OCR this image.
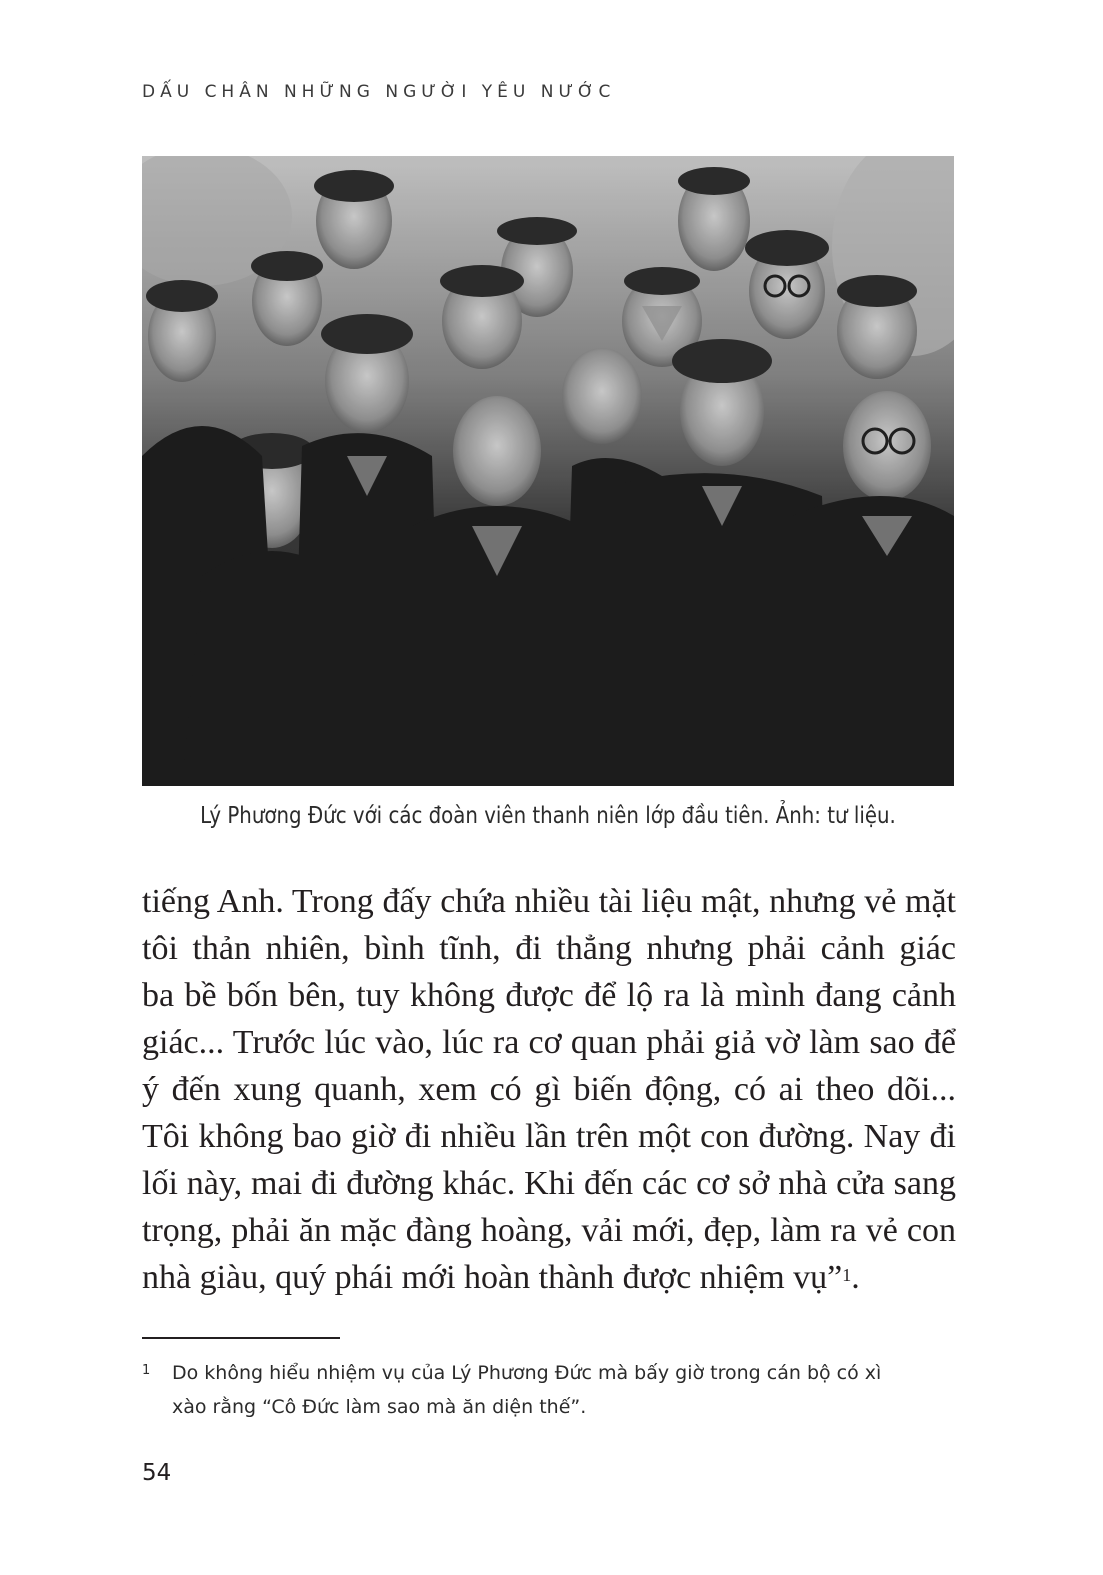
DẤU CHÂN NHỮNG NGƯỜI YÊU NƯỚC
Lý Phương Đức với các đoàn viên thanh niên lớp đầu tiên. Ảnh: tư liệu.
tiếng Anh. Trong đấy chứa nhiều tài liệu mật, nhưng vẻ mặt
tôi thản nhiên, bình tĩnh, đi thẳng nhưng phải cảnh giác
ba bề bốn bên, tuy không được để lộ ra là mình đang cảnh
giác... Trước lúc vào, lúc ra cơ quan phải giả vờ làm sao để
ý đến xung quanh, xem có gì biến động, có ai theo dõi...
Tôi không bao giờ đi nhiều lần trên một con đường. Nay đi
lối này, mai đi đường khác. Khi đến các cơ sở nhà cửa sang
trọng, phải ăn mặc đàng hoàng, vải mới, đẹp, làm ra vẻ con
nhà giàu, quý phái mới hoàn thành được nhiệm vụ”$^1$.
1	Do không hiểu nhiệm vụ của Lý Phương Đức mà bấy giờ trong cán bộ có xì
xào rằng “Cô Đức làm sao mà ăn diện thế”.
54
